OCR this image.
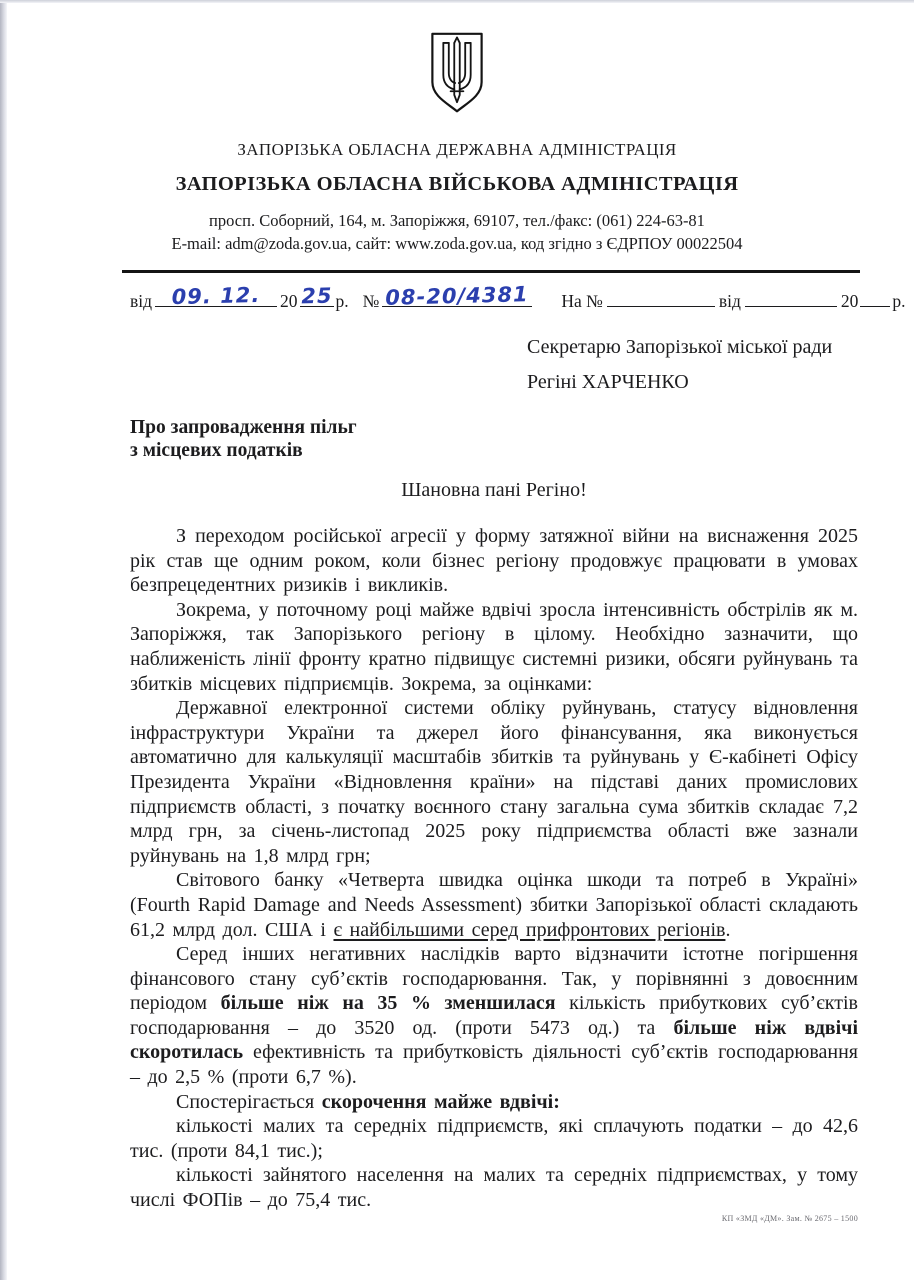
ЗАПОРІЗЬКА ОБЛАСНА ДЕРЖАВНА АДМІНІСТРАЦІЯ
ЗАПОРІЗЬКА ОБЛАСНА ВІЙСЬКОВА АДМІНІСТРАЦІЯ
просп. Соборний, 164, м. Запоріжжя, 69107, тел./факс: (061) 224-63-81
E-mail: adm@zoda.gov.ua, сайт: www.zoda.gov.ua, код згідно з ЄДРПОУ 00022504
від 09. 12.	20 25 р. № 08-20/4381 На №	від	20 р.
Секретарю Запорізької міської ради
Регіні ХАРЧЕНКО
Про запровадження пільг
з місцевих податків
Шановна пані Регіно!

З переходом російської агресії у форму затяжної війни на виснаження 2025 рік став ще одним роком, коли бізнес регіону продовжує працювати в умовах безпрецедентних ризиків і викликів.

Зокрема, у поточному році майже вдвічі зросла інтенсивність обстрілів як м. Запоріжжя, так Запорізького регіону в цілому. Необхідно зазначити, що наближеність лінії фронту кратно підвищує системні ризики, обсяги руйнувань та збитків місцевих підприємців. Зокрема, за оцінками:

Державної електронної системи обліку руйнувань, статусу відновлення інфраструктури України та джерел його фінансування, яка виконується автоматично для калькуляції масштабів збитків та руйнувань у Є-кабінеті Офісу Президента України «Відновлення країни» на підставі даних промислових підприємств області, з початку воєнного стану загальна сума збитків складає 7,2 млрд грн, за січень-листопад 2025 року підприємства області вже зазнали руйнувань на 1,8 млрд грн;

Світового банку «Четверта швидка оцінка шкоди та потреб в Україні» (Fourth Rapid Damage and Needs Assessment) збитки Запорізької області складають 61,2 млрд дол. США і є найбільшими серед прифронтових регіонів.

Серед інших негативних наслідків варто відзначити істотне погіршення фінансового стану суб’єктів господарювання. Так, у порівнянні з довоєнним періодом більше ніж на 35 % зменшилася кількість прибуткових суб’єктів господарювання – до 3520 од. (проти 5473 од.) та більше ніж вдвічі скоротилась ефективність та прибутковість діяльності суб’єктів господарювання – до 2,5 % (проти 6,7 %).

Спостерігається скорочення майже вдвічі:

кількості малих та середніх підприємств, які сплачують податки – до 42,6 тис. (проти 84,1 тис.);

кількості зайнятого населення на малих та середніх підприємствах, у тому числі ФОПів – до 75,4 тис.

КП «ЗМД «ДМ». Зам. № 2675 – 1500
